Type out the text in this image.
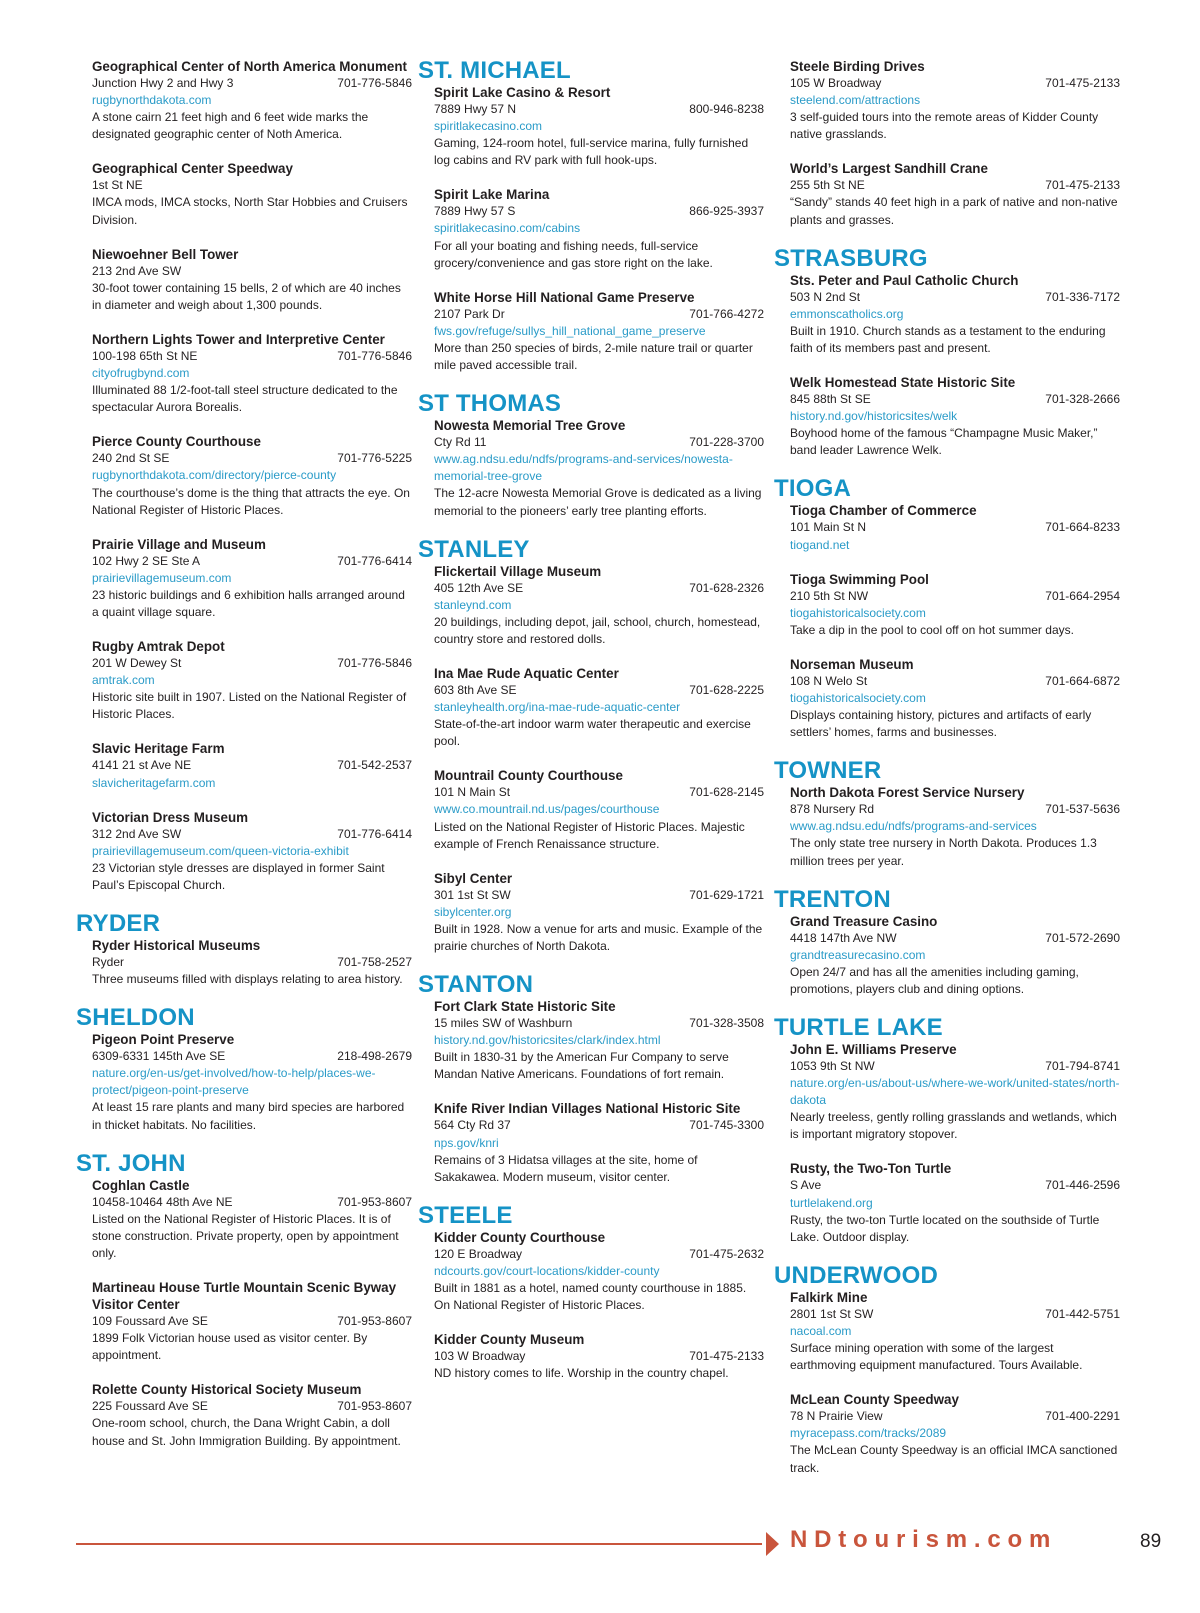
Geographical Center of North America Monument
Junction Hwy 2 and Hwy 3	701-776-5846
rugbynorthdakota.com
A stone cairn 21 feet high and 6 feet wide marks the designated geographic center of Noth America.
Geographical Center Speedway
1st St NE
IMCA mods, IMCA stocks, North Star Hobbies and Cruisers Division.
Niewoehner Bell Tower
213 2nd Ave SW
30-foot tower containing 15 bells, 2 of which are 40 inches in diameter and weigh about 1,300 pounds.
Northern Lights Tower and Interpretive Center
100-198 65th St NE	701-776-5846
cityofrugbynd.com
Illuminated 88 1/2-foot-tall steel structure dedicated to the spectacular Aurora Borealis.
Pierce County Courthouse
240 2nd St SE	701-776-5225
rugbynorthdakota.com/directory/pierce-county
The courthouse’s dome is the thing that attracts the eye. On National Register of Historic Places.
Prairie Village and Museum
102 Hwy 2 SE Ste A	701-776-6414
prairievillagemuseum.com
23 historic buildings and 6 exhibition halls arranged around a quaint village square.
Rugby Amtrak Depot
201 W Dewey St	701-776-5846
amtrak.com
Historic site built in 1907. Listed on the National Register of Historic Places.
Slavic Heritage Farm
4141 21 st Ave NE	701-542-2537
slavicheritagefarm.com
Victorian Dress Museum
312 2nd Ave SW	701-776-6414
prairievillagemuseum.com/queen-victoria-exhibit
23 Victorian style dresses are displayed in former Saint Paul’s Episcopal Church.
RYDER
Ryder Historical Museums
Ryder	701-758-2527
Three museums filled with displays relating to area history.
SHELDON
Pigeon Point Preserve
6309-6331 145th Ave SE	218-498-2679
nature.org/en-us/get-involved/how-to-help/places-we-protect/pigeon-point-preserve
At least 15 rare plants and many bird species are harbored in thicket habitats. No facilities.
ST. JOHN
Coghlan Castle
10458-10464 48th Ave NE	701-953-8607
Listed on the National Register of Historic Places. It is of stone construction. Private property, open by appointment only.
Martineau House Turtle Mountain Scenic Byway Visitor Center
109 Foussard Ave SE	701-953-8607
1899 Folk Victorian house used as visitor center. By appointment.
Rolette County Historical Society Museum
225 Foussard Ave SE	701-953-8607
One-room school, church, the Dana Wright Cabin, a doll house and St. John Immigration Building. By appointment.
ST. MICHAEL
Spirit Lake Casino & Resort
7889 Hwy 57 N	800-946-8238
spiritlakecasino.com
Gaming, 124-room hotel, full-service marina, fully furnished log cabins and RV park with full hook-ups.
Spirit Lake Marina
7889 Hwy 57 S	866-925-3937
spiritlakecasino.com/cabins
For all your boating and fishing needs, full-service grocery/convenience and gas store right on the lake.
White Horse Hill National Game Preserve
2107 Park Dr	701-766-4272
fws.gov/refuge/sullys_hill_national_game_preserve
More than 250 species of birds, 2-mile nature trail or quarter mile paved accessible trail.
ST THOMAS
Nowesta Memorial Tree Grove
Cty Rd 11	701-228-3700
www.ag.ndsu.edu/ndfs/programs-and-services/nowesta-memorial-tree-grove
The 12-acre Nowesta Memorial Grove is dedicated as a living memorial to the pioneers’ early tree planting efforts.
STANLEY
Flickertail Village Museum
405 12th Ave SE	701-628-2326
stanleynd.com
20 buildings, including depot, jail, school, church, homestead, country store and restored dolls.
Ina Mae Rude Aquatic Center
603 8th Ave SE	701-628-2225
stanleyhealth.org/ina-mae-rude-aquatic-center
State-of-the-art indoor warm water therapeutic and exercise pool.
Mountrail County Courthouse
101 N Main St	701-628-2145
www.co.mountrail.nd.us/pages/courthouse
Listed on the National Register of Historic Places. Majestic example of French Renaissance structure.
Sibyl Center
301 1st St SW	701-629-1721
sibylcenter.org
Built in 1928. Now a venue for arts and music. Example of the prairie churches of North Dakota.
STANTON
Fort Clark State Historic Site
15 miles SW of Washburn	701-328-3508
history.nd.gov/historicsites/clark/index.html
Built in 1830-31 by the American Fur Company to serve Mandan Native Americans. Foundations of fort remain.
Knife River Indian Villages National Historic Site
564 Cty Rd 37	701-745-3300
nps.gov/knri
Remains of 3 Hidatsa villages at the site, home of Sakakawea. Modern museum, visitor center.
STEELE
Kidder County Courthouse
120 E Broadway	701-475-2632
ndcourts.gov/court-locations/kidder-county
Built in 1881 as a hotel, named county courthouse in 1885. On National Register of Historic Places.
Kidder County Museum
103 W Broadway	701-475-2133
ND history comes to life. Worship in the country chapel.
Steele Birding Drives
105 W Broadway	701-475-2133
steelend.com/attractions
3 self-guided tours into the remote areas of Kidder County native grasslands.
World’s Largest Sandhill Crane
255 5th St NE	701-475-2133
“Sandy” stands 40 feet high in a park of native and non-native plants and grasses.
STRASBURG
Sts. Peter and Paul Catholic Church
503 N 2nd St	701-336-7172
emmonscatholics.org
Built in 1910. Church stands as a testament to the enduring faith of its members past and present.
Welk Homestead State Historic Site
845 88th St SE	701-328-2666
history.nd.gov/historicsites/welk
Boyhood home of the famous “Champagne Music Maker,” band leader Lawrence Welk.
TIOGA
Tioga Chamber of Commerce
101 Main St N	701-664-8233
tiogand.net
Tioga Swimming Pool
210 5th St NW	701-664-2954
tiogahistoricalsociety.com
Take a dip in the pool to cool off on hot summer days.
Norseman Museum
108 N Welo St	701-664-6872
tiogahistoricalsociety.com
Displays containing history, pictures and artifacts of early settlers’ homes, farms and businesses.
TOWNER
North Dakota Forest Service Nursery
878 Nursery Rd	701-537-5636
www.ag.ndsu.edu/ndfs/programs-and-services
The only state tree nursery in North Dakota. Produces 1.3 million trees per year.
TRENTON
Grand Treasure Casino
4418 147th Ave NW	701-572-2690
grandtreasurecasino.com
Open 24/7 and has all the amenities including gaming, promotions, players club and dining options.
TURTLE LAKE
John E. Williams Preserve
1053 9th St NW	701-794-8741
nature.org/en-us/about-us/where-we-work/united-states/north-dakota
Nearly treeless, gently rolling grasslands and wetlands, which is important migratory stopover.
Rusty, the Two-Ton Turtle
S Ave	701-446-2596
turtlelakend.org
Rusty, the two-ton Turtle located on the southside of Turtle Lake. Outdoor display.
UNDERWOOD
Falkirk Mine
2801 1st St SW	701-442-5751
nacoal.com
Surface mining operation with some of the largest earthmoving equipment manufactured. Tours Available.
McLean County Speedway
78 N Prairie View	701-400-2291
myracepass.com/tracks/2089
The McLean County Speedway is an official IMCA sanctioned track.
NDtourism.com	89
